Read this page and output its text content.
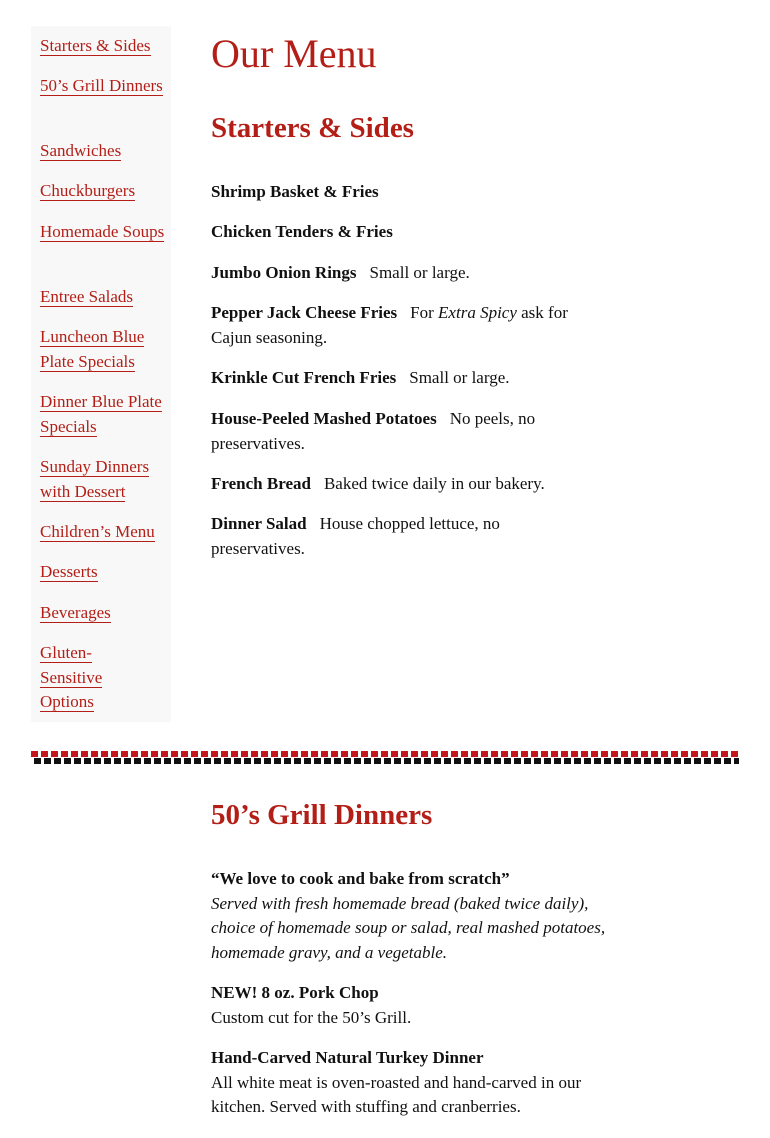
Starters & Sides
50’s Grill Dinners
Sandwiches
Chuckburgers
Homemade Soups
Entree Salads
Luncheon Blue Plate Specials
Dinner Blue Plate Specials
Sunday Dinners with Dessert
Children’s Menu
Desserts
Beverages
Gluten-Sensitive Options
Our Menu
Starters & Sides

Shrimp Basket & Fries

Chicken Tenders & Fries

Jumbo Onion Rings Small or large.

Pepper Jack Cheese Fries For Extra Spicy ask for Cajun seasoning.

Krinkle Cut French Fries Small or large.

House-Peeled Mashed Potatoes No peels, no preservatives.

French Bread Baked twice daily in our bakery.

Dinner Salad House chopped lettuce, no preservatives.

50’s Grill Dinners

“We love to cook and bake from scratch”
Served with fresh homemade bread (baked twice daily), choice of homemade soup or salad, real mashed potatoes, homemade gravy, and a vegetable.

NEW! 8 oz. Pork Chop
Custom cut for the 50’s Grill.

Hand-Carved Natural Turkey Dinner
All white meat is oven-roasted and hand-carved in our kitchen. Served with stuffing and cranberries.
